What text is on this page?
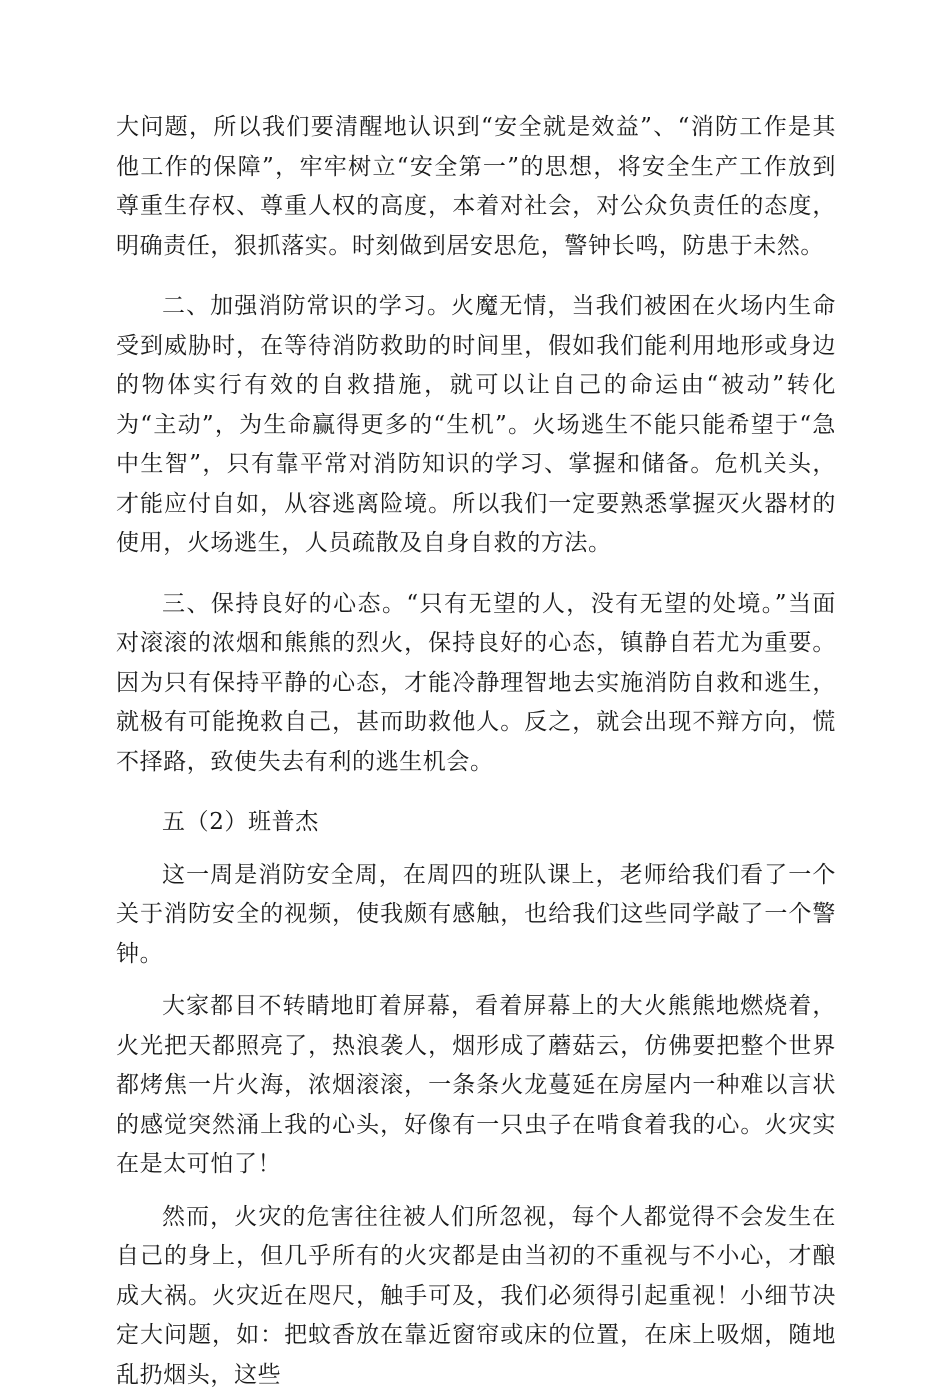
大问题，所以我们要清醒地认识到“安全就是效益”、“消防工作是其他工作的保障”，牢牢树立“安全第一”的思想，将安全生产工作放到尊重生存权、尊重人权的高度，本着对社会，对公众负责任的态度，明确责任，狠抓落实。时刻做到居安思危，警钟长鸣，防患于未然。

二、加强消防常识的学习。火魔无情，当我们被困在火场内生命受到威胁时，在等待消防救助的时间里，假如我们能利用地形或身边的物体实行有效的自救措施，就可以让自己的命运由“被动”转化为“主动”，为生命赢得更多的“生机”。火场逃生不能只能希望于“急中生智”，只有靠平常对消防知识的学习、掌握和储备。危机关头，才能应付自如，从容逃离险境。所以我们一定要熟悉掌握灭火器材的使用，火场逃生，人员疏散及自身自救的方法。

三、保持良好的心态。“只有无望的人，没有无望的处境。”当面对滚滚的浓烟和熊熊的烈火，保持良好的心态，镇静自若尤为重要。因为只有保持平静的心态，才能冷静理智地去实施消防自救和逃生，就极有可能挽救自己，甚而助救他人。反之，就会出现不辩方向，慌不择路，致使失去有利的逃生机会。

五（2）班普杰

这一周是消防安全周，在周四的班队课上，老师给我们看了一个关于消防安全的视频，使我颇有感触，也给我们这些同学敲了一个警钟。

大家都目不转睛地盯着屏幕，看着屏幕上的大火熊熊地燃烧着，火光把天都照亮了，热浪袭人，烟形成了蘑菇云，仿佛要把整个世界都烤焦一片火海，浓烟滚滚，一条条火龙蔓延在房屋内一种难以言状的感觉突然涌上我的心头，好像有一只虫子在啃食着我的心。火灾实在是太可怕了！

然而，火灾的危害往往被人们所忽视，每个人都觉得不会发生在自己的身上，但几乎所有的火灾都是由当初的不重视与不小心，才酿成大祸。火灾近在咫尺，触手可及，我们必须得引起重视！小细节决定大问题，如：把蚊香放在靠近窗帘或床的位置，在床上吸烟，随地乱扔烟头，这些
